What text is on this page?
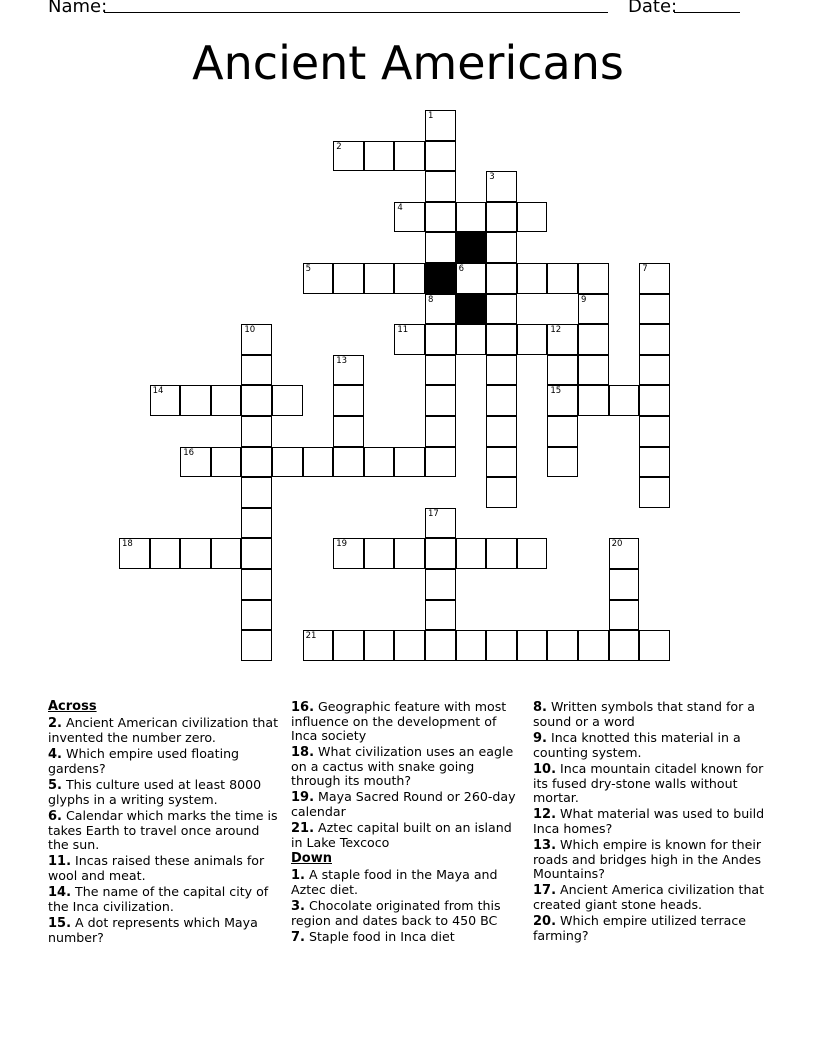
Name:	Date:
Ancient Americans
1
2
3
4
5	6	7
8	9
10	11	12
13
14	15
16
17
18	19	20
21
Across
2. Ancient American civilization that invented the number zero.
4. Which empire used floating gardens?
5. This culture used at least 8000 glyphs in a writing system.
6. Calendar which marks the time is takes Earth to travel once around the sun.
11. Incas raised these animals for wool and meat.
14. The name of the capital city of the Inca civilization.
15. A dot represents which Maya number?
16. Geographic feature with most influence on the development of Inca society
18. What civilization uses an eagle on a cactus with snake going through its mouth?
19. Maya Sacred Round or 260-day calendar
21. Aztec capital built on an island in Lake Texcoco
Down
1. A staple food in the Maya and Aztec diet.
3. Chocolate originated from this region and dates back to 450 BC
7. Staple food in Inca diet
8. Written symbols that stand for a sound or a word
9. Inca knotted this material in a counting system.
10. Inca mountain citadel known for its fused dry-stone walls without mortar.
12. What material was used to build Inca homes?
13. Which empire is known for their roads and bridges high in the Andes Mountains?
17. Ancient America civilization that created giant stone heads.
20. Which empire utilized terrace farming?
